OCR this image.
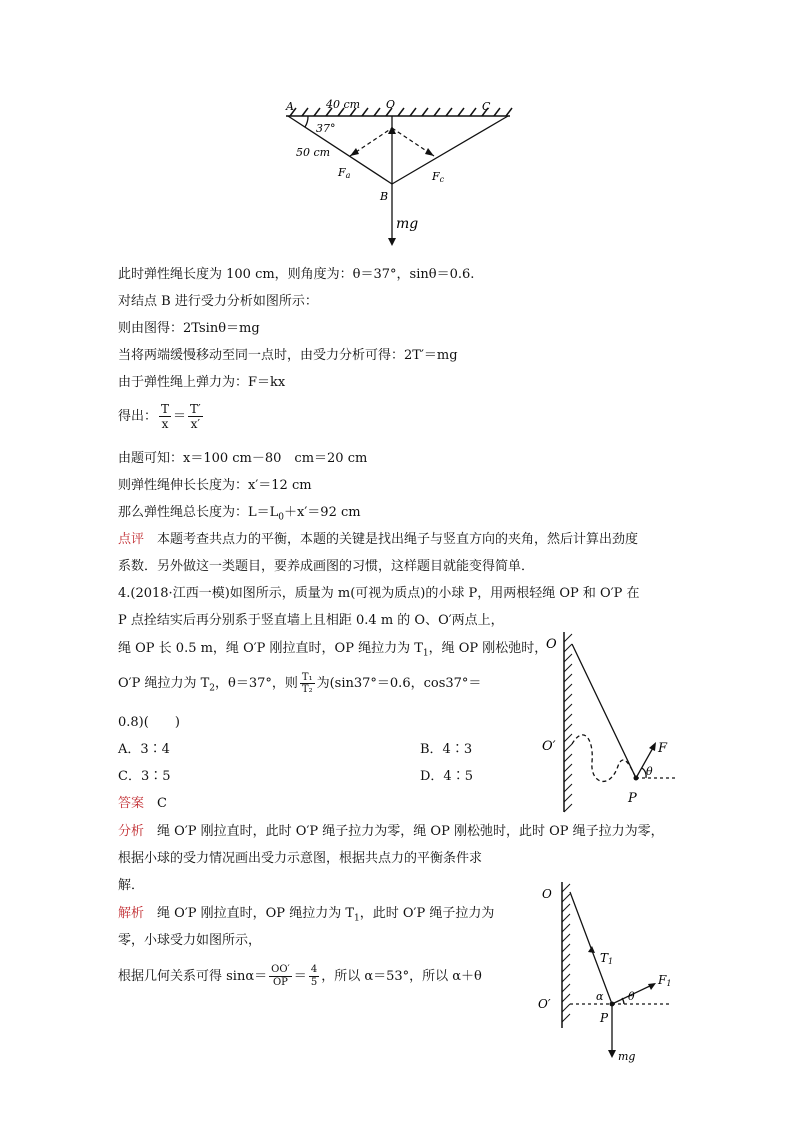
A	40 cm O	C
37°
50 cm
Fa	Fc
B
mg
此时弹性绳长度为 100 cm，则角度为：θ＝37°，sinθ＝0.6.
对结点 B 进行受力分析如图所示：
则由图得：2Tsinθ＝mg
当将两端缓慢移动至同一点时，由受力分析可得：2T′＝mg
由于弹性绳上弹力为：F＝kx
得出： $\frac{T}{x} = \frac{T'}{x'}$
由题可知：x＝100 cm－80　cm＝20 cm
则弹性绳伸长长度为：x′＝12 cm
那么弹性绳总长度为：$L=L_0+x'=92$ cm
点评　 本题考查共点力的平衡，本题的关键是找出绳子与竖直方向的夹角，然后计算出劲度
系数．另外做这一类题目，要养成画图的习惯，这样题目就能变得简单．
4.(2018·江西一模)如图所示，质量为 m(可视为质点)的小球 P，用两根轻绳 OP 和 O′P 在
P 点拴结实后再分别系于竖直墙上且相距 0.4 m 的 O、O′两点上，
绳 OP 长 0.5 m，绳 O′P 刚拉直时，OP 绳拉力为 $T_1$，绳 OP 刚松弛时，
O′P 绳拉力为 $T_2$，θ＝37°，则 $\frac{\text{T₁}}{\text{T₂}}$ 为(sin37°＝0.6，cos37°＝
0.8)(　　)
A．3∶4	B．4∶3
C．3∶5	D．4∶5
答案　 C
分析　 绳 O′P 刚拉直时，此时 O′P 绳子拉力为零，绳 OP 刚松弛时，此时 OP 绳子拉力为零，
根据小球的受力情况画出受力示意图，根据共点力的平衡条件求
解．
解析　 绳 O′P 刚拉直时，OP 绳拉力为 $T_1$，此时 O′P 绳子拉力为
零，小球受力如图所示，
根据几何关系可得 $\sin\alpha= \frac{OO'}{OP} = \frac{4}{5}$ ，所以 α＝53°，所以 α＋θ
O
O′	F
θ
P
O
O′
T1
F1
α θ
P
mg
